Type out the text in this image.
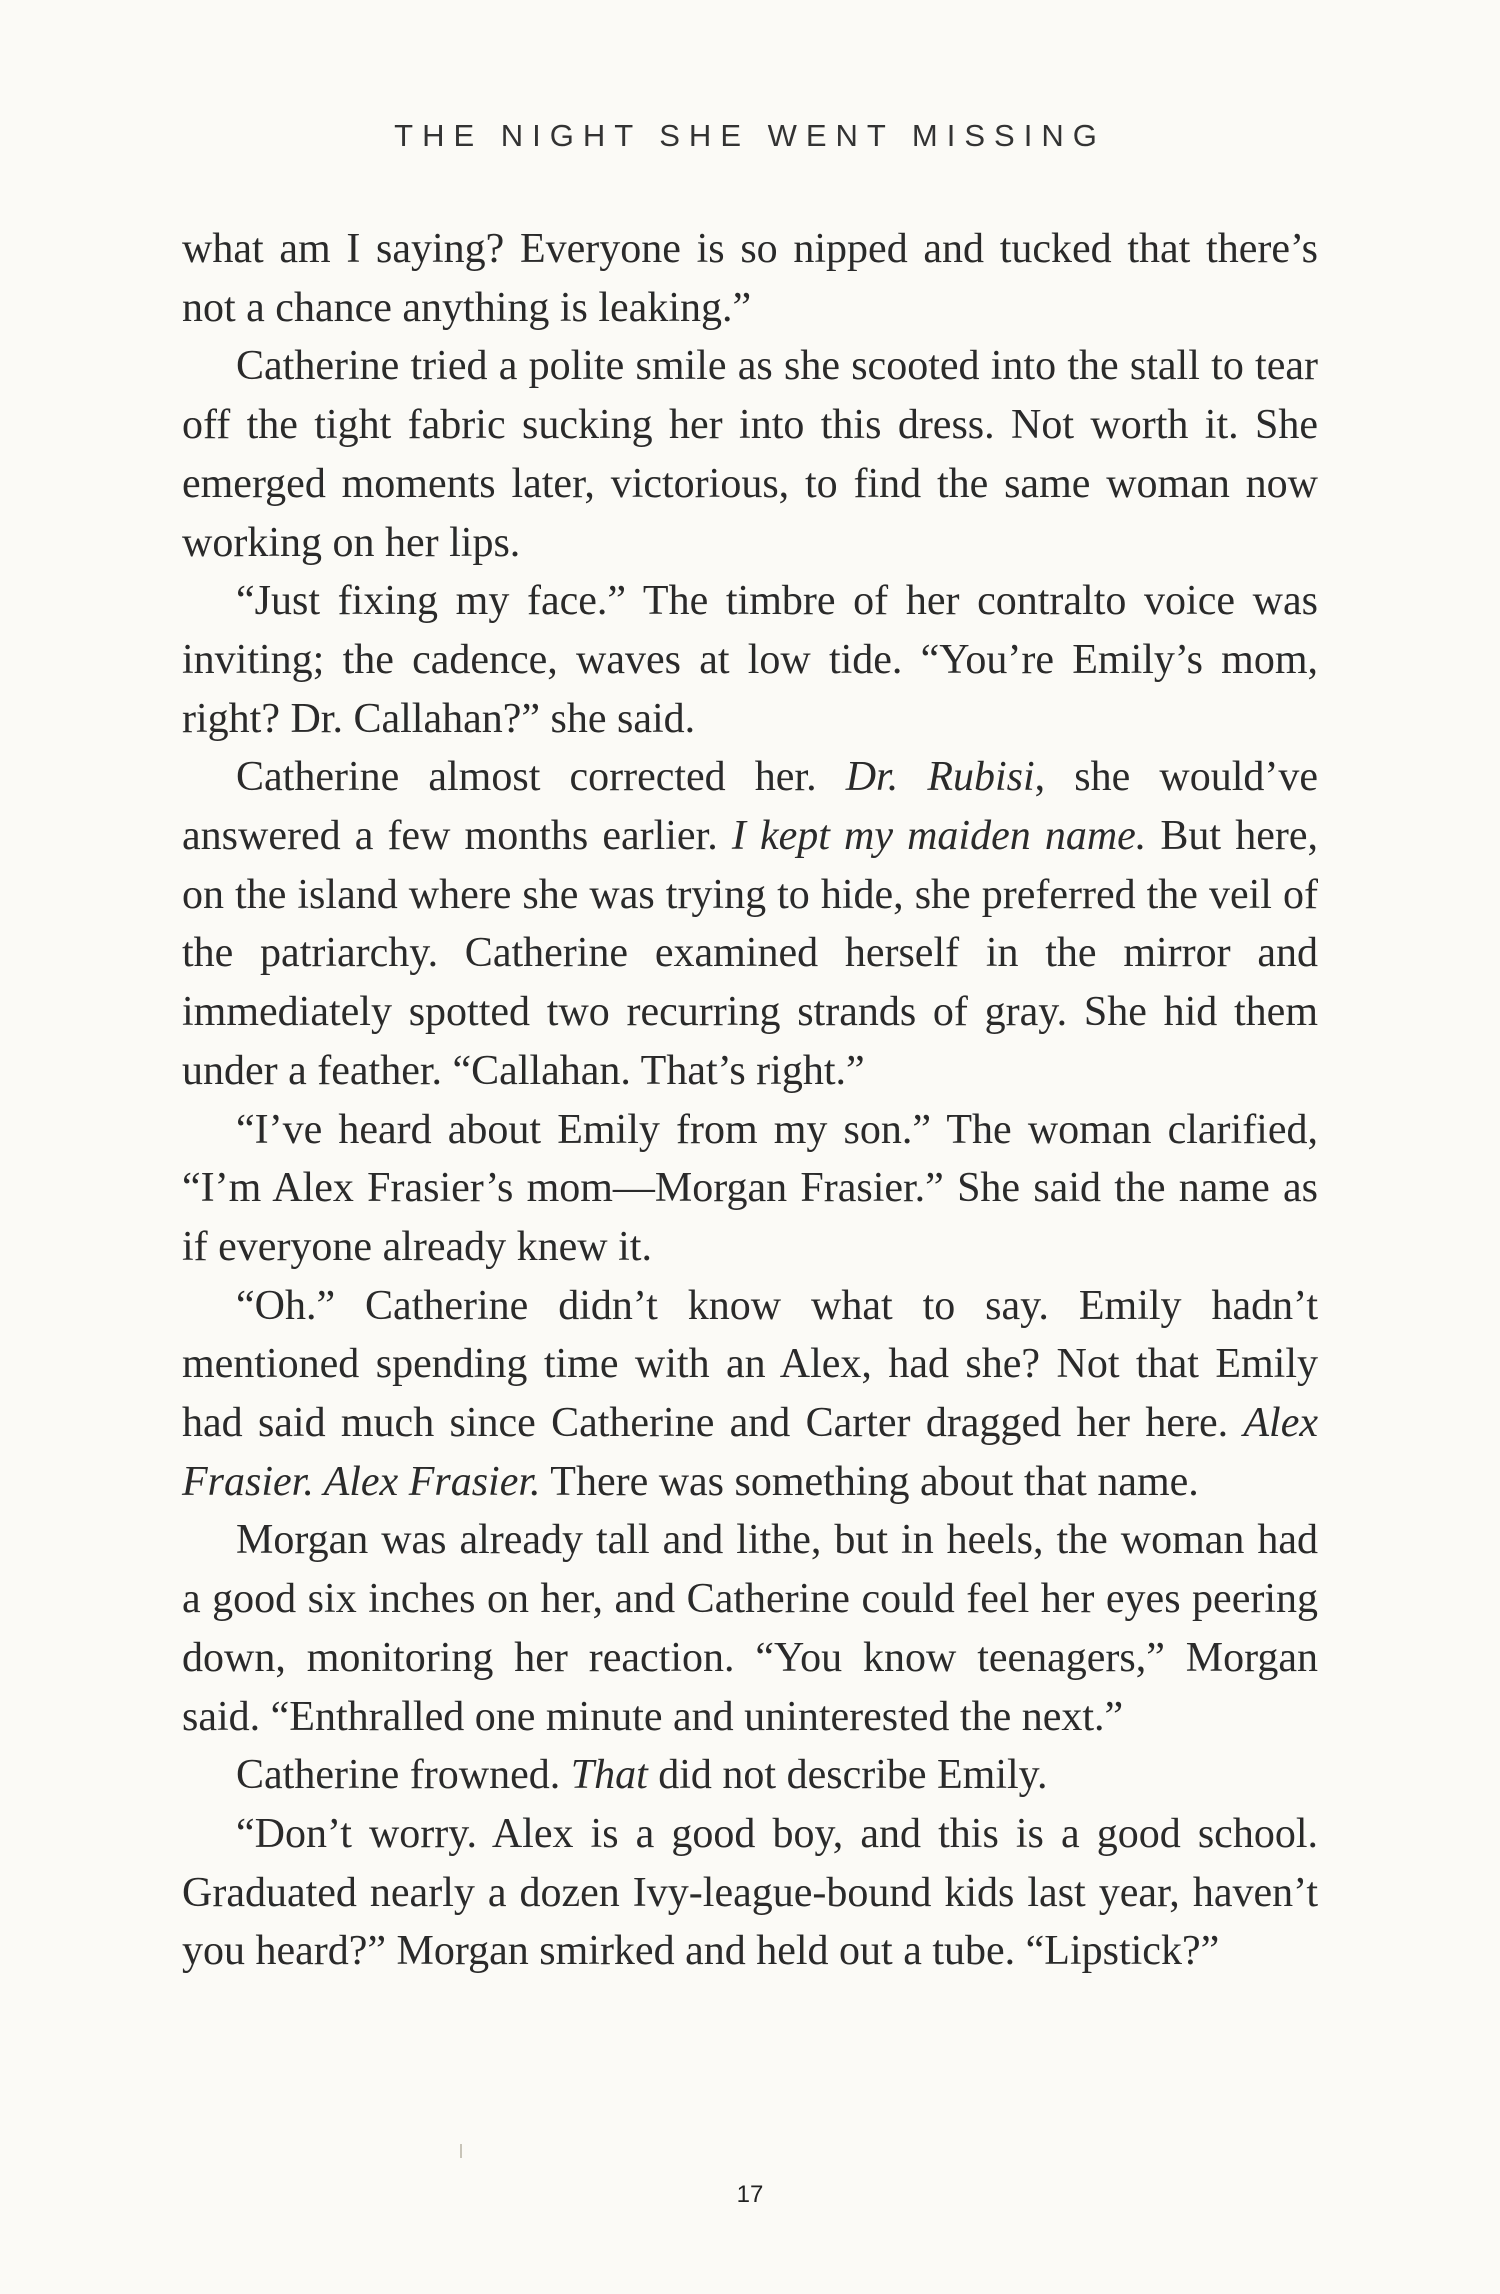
THE NIGHT SHE WENT MISSING

what am I saying? Everyone is so nipped and tucked that there’s not a chance anything is leaking.”

Catherine tried a polite smile as she scooted into the stall to tear off the tight fabric sucking her into this dress. Not worth it. She emerged moments later, victorious, to find the same woman now working on her lips.

“Just fixing my face.” The timbre of her contralto voice was inviting; the cadence, waves at low tide. “You’re Emily’s mom, right? Dr. Callahan?” she said.

Catherine almost corrected her. Dr. Rubisi, she would’ve answered a few months earlier. I kept my maiden name. But here, on the island where she was trying to hide, she preferred the veil of the patriarchy. Catherine examined herself in the mirror and immediately spotted two recurring strands of gray. She hid them under a feather. “Callahan. That’s right.”

“I’ve heard about Emily from my son.” The woman clarified, “I’m Alex Frasier’s mom—Morgan Frasier.” She said the name as if everyone already knew it.

“Oh.” Catherine didn’t know what to say. Emily hadn’t mentioned spending time with an Alex, had she? Not that Emily had said much since Catherine and Carter dragged her here. Alex Frasier. Alex Frasier. There was something about that name.

Morgan was already tall and lithe, but in heels, the woman had a good six inches on her, and Catherine could feel her eyes peering down, monitoring her reaction. “You know teenagers,” Morgan said. “Enthralled one minute and uninterested the next.”

Catherine frowned. That did not describe Emily.

“Don’t worry. Alex is a good boy, and this is a good school. Graduated nearly a dozen Ivy-league-bound kids last year, haven’t you heard?” Morgan smirked and held out a tube. “Lipstick?”

17
